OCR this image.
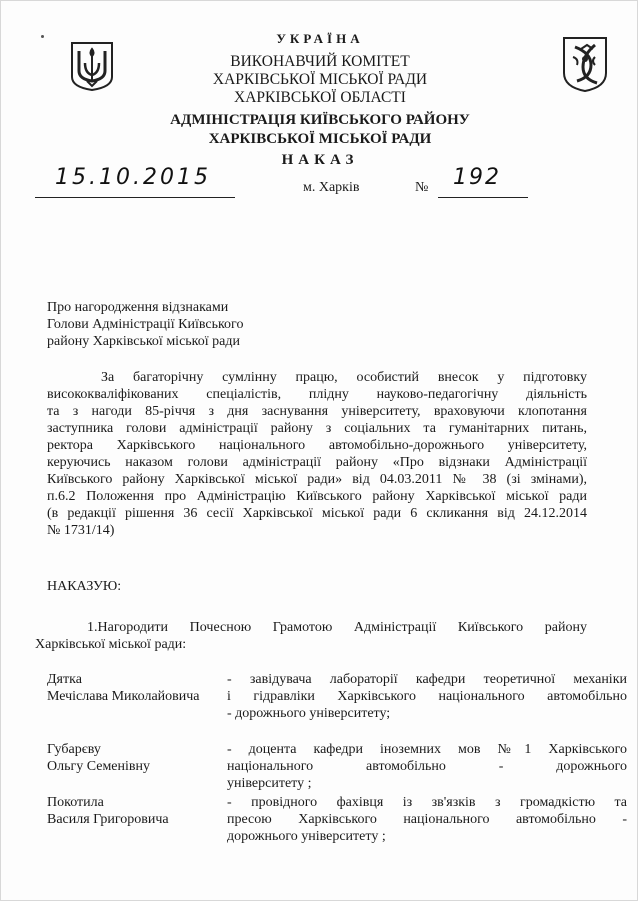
УКРАЇНА
ВИКОНАВЧИЙ КОМІТЕТ
ХАРКІВСЬКОЇ МІСЬКОЇ РАДИ
ХАРКІВСЬКОЇ ОБЛАСТІ
АДМІНІСТРАЦІЯ КИЇВСЬКОГО РАЙОНУ
ХАРКІВСЬКОЇ МІСЬКОЇ РАДИ
НАКАЗ
15.10.2015	м. Харків	№ 192
Про нагородження відзнаками
Голови Адміністрації Київського
району Харківської міської ради
За багаторічну сумлінну працю, особистий внесок у підготовку
висококваліфікованих спеціалістів, плідну науково-педагогічну діяльність
та з нагоди 85-річчя з дня заснування університету, враховуючи клопотання
заступника голови адміністрації району з соціальних та гуманітарних питань,
ректора Харківського національного автомобільно-дорожнього університету,
керуючись наказом голови адміністрації району «Про відзнаки Адміністрації
Київського району Харківської міської ради» від 04.03.2011 № 38 (зі змінами),
п.6.2 Положення про Адміністрацію Київського району Харківської міської ради
(в редакції рішення 36 сесії Харківської міської ради 6 скликання від 24.12.2014
№ 1731/14)
НАКАЗУЮ:
1.Нагородити Почесною Грамотою Адміністрації Київського району
Харківської міської ради:
Дятка
Мечіслава Миколайовича
- завідувача лабораторії кафедри теоретичної механіки
і гідравліки Харківського національного автомобільно
- дорожнього університету;
Губарєву
Ольгу Семенівну
- доцента кафедри іноземних мов №1 Харківського
національного автомобільно - дорожнього
університету ;
Покотила
Василя Григоровича
- провідного фахівця із зв'язків з громадкістю та
пресою Харківського національного автомобільно -
дорожнього університету ;
